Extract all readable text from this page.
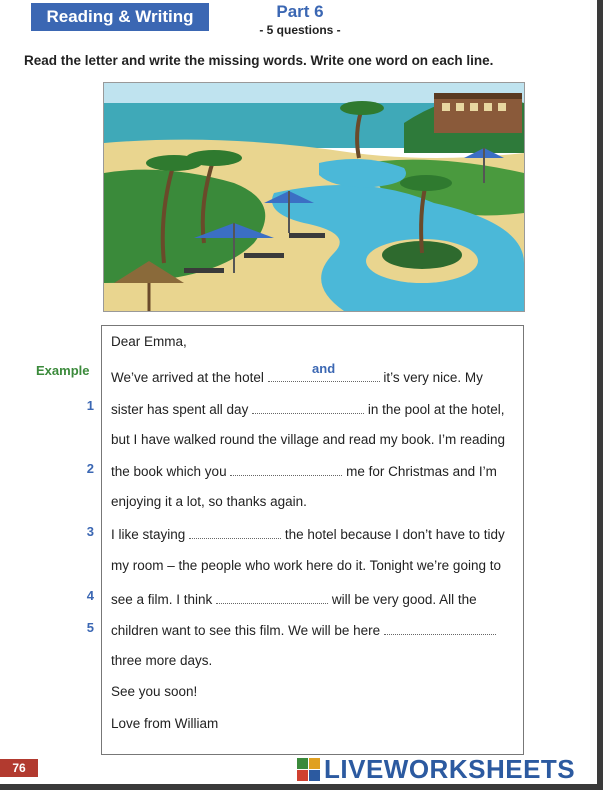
Reading & Writing	Part 6
- 5 questions -
Read the letter and write the missing words. Write one word on each line.
Example
1
2
3
4
5
Dear Emma,
We’ve arrived at the hotel
and
it’s very nice. My
sister has spent all day	in the pool at the hotel,
but I have walked round the village and read my book. I’m reading
the book which you	me for Christmas and I’m
enjoying it a lot, so thanks again.
I like staying	the hotel because I don’t have to tidy
my room – the people who work here do it. Tonight we’re going to
see a film. I think	will be very good. All the
children want to see this film. We will be here
three more days.
See you soon!
Love from William
76	LIVEWORKSHEETS
